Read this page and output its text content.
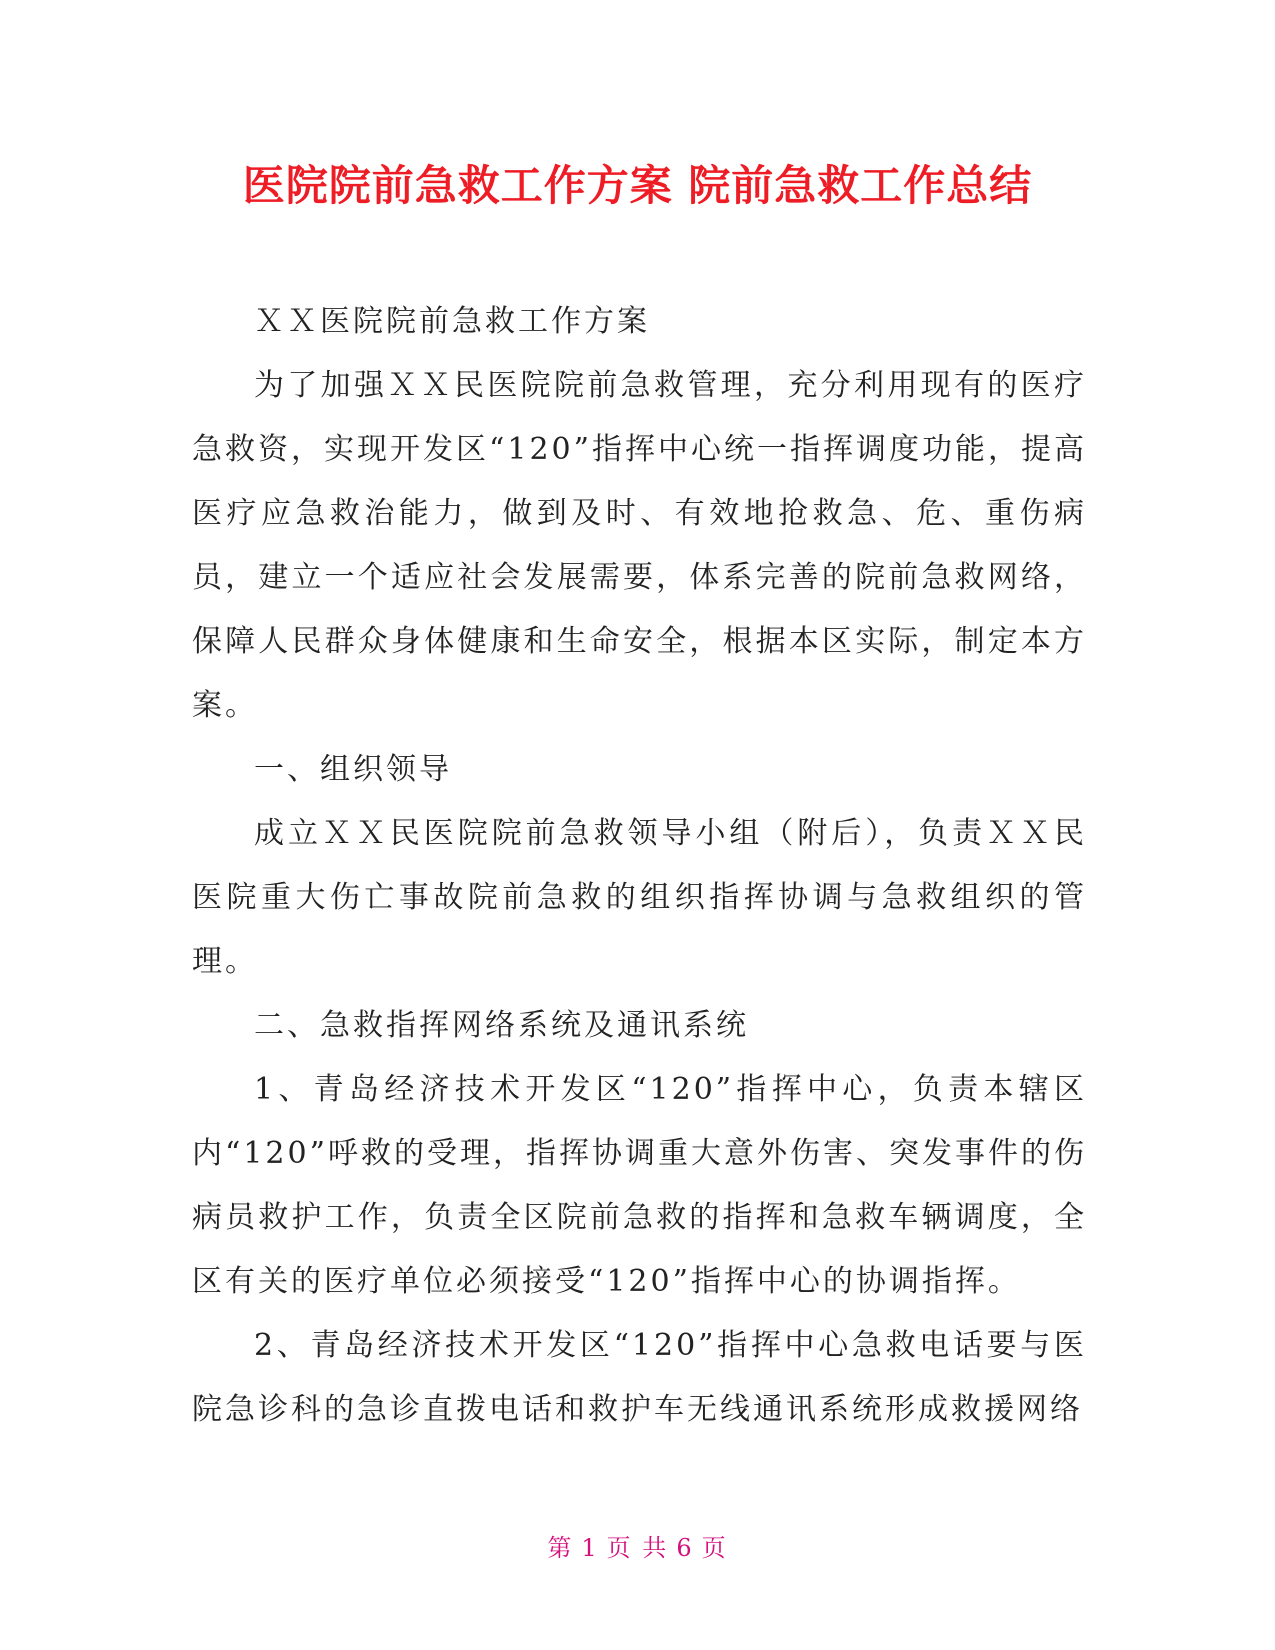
医院院前急救工作方案 院前急救工作总结

ＸＸ医院院前急救工作方案

为了加强ＸＸ民医院院前急救管理，充分利用现有的医疗急救资，实现开发区“120”指挥中心统一指挥调度功能，提高医疗应急救治能力，做到及时、有效地抢救急、危、重伤病员，建立一个适应社会发展需要，体系完善的院前急救网络，保障人民群众身体健康和生命安全，根据本区实际，制定本方案。

一、组织领导

成立ＸＸ民医院院前急救领导小组（附后），负责ＸＸ民医院重大伤亡事故院前急救的组织指挥协调与急救组织的管理。

二、急救指挥网络系统及通讯系统

1、青岛经济技术开发区“120”指挥中心，负责本辖区内“120”呼救的受理，指挥协调重大意外伤害、突发事件的伤病员救护工作，负责全区院前急救的指挥和急救车辆调度，全区有关的医疗单位必须接受“120”指挥中心的协调指挥。

2、青岛经济技术开发区“120”指挥中心急救电话要与医院急诊科的急诊直拨电话和救护车无线通讯系统形成救援网络

第 1 页 共 6 页
